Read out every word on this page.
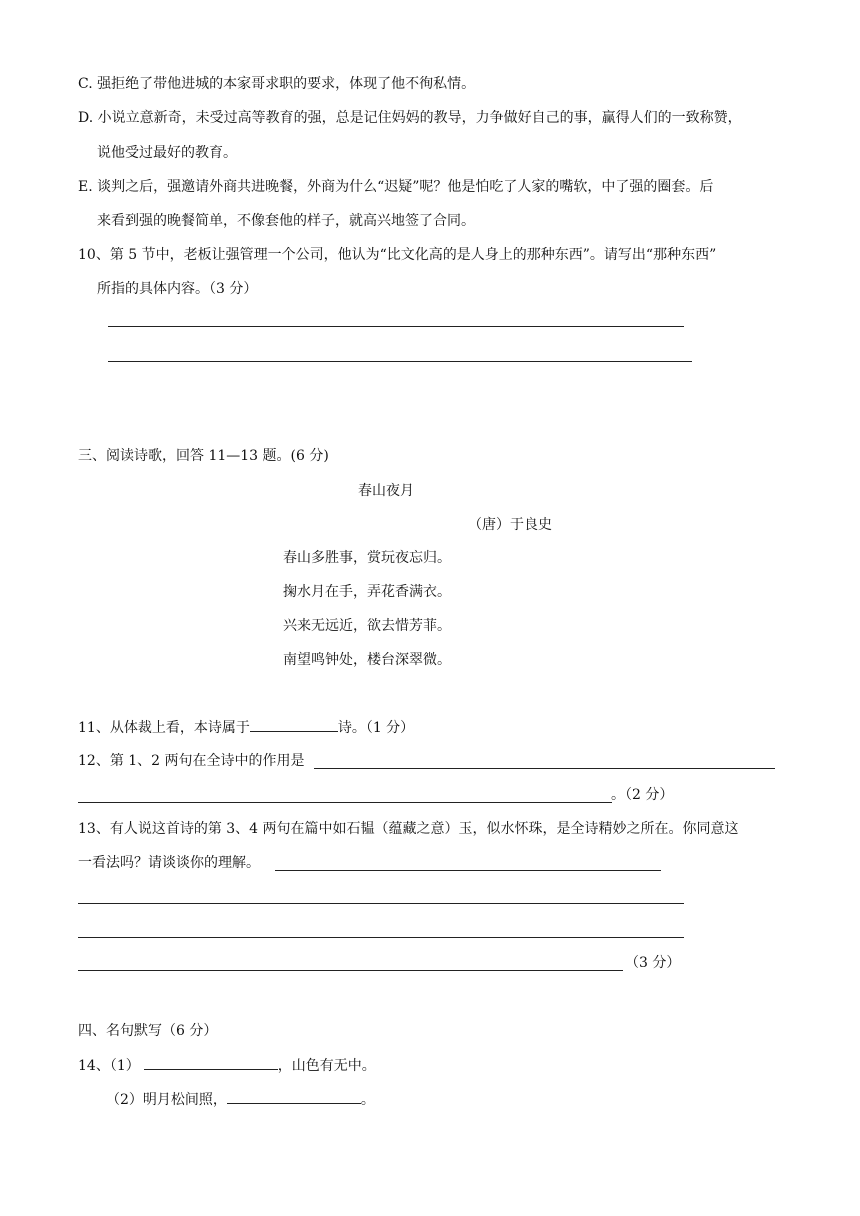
C. 强拒绝了带他进城的本家哥求职的要求，体现了他不徇私情。
D. 小说立意新奇，未受过高等教育的强，总是记住妈妈的教导，力争做好自己的事，赢得人们的一致称赞，
说他受过最好的教育。
E. 谈判之后，强邀请外商共进晚餐，外商为什么“迟疑”呢？他是怕吃了人家的嘴软，中了强的圈套。后
来看到强的晚餐简单，不像套他的样子，就高兴地签了合同。
10、第 5 节中，老板让强管理一个公司，他认为“比文化高的是人身上的那种东西”。请写出“那种东西”
所指的具体内容。（3 分）
三、阅读诗歌，回答 11—13 题。(6 分)
春山夜月
（唐）于良史
春山多胜事，赏玩夜忘归。
掬水月在手，弄花香满衣。
兴来无远近，欲去惜芳菲。
南望鸣钟处，楼台深翠微。
11、从体裁上看，本诗属于	诗。（1 分）
12、第 1、2 两句在全诗中的作用是
。（2 分）
13、有人说这首诗的第 3、4 两句在篇中如石韫（蕴藏之意）玉，似水怀珠，是全诗精妙之所在。你同意这
一看法吗？请谈谈你的理解。
（3 分）
四、名句默写（6 分）
14、（1）	，山色有无中。
（2）明月松间照，	。
